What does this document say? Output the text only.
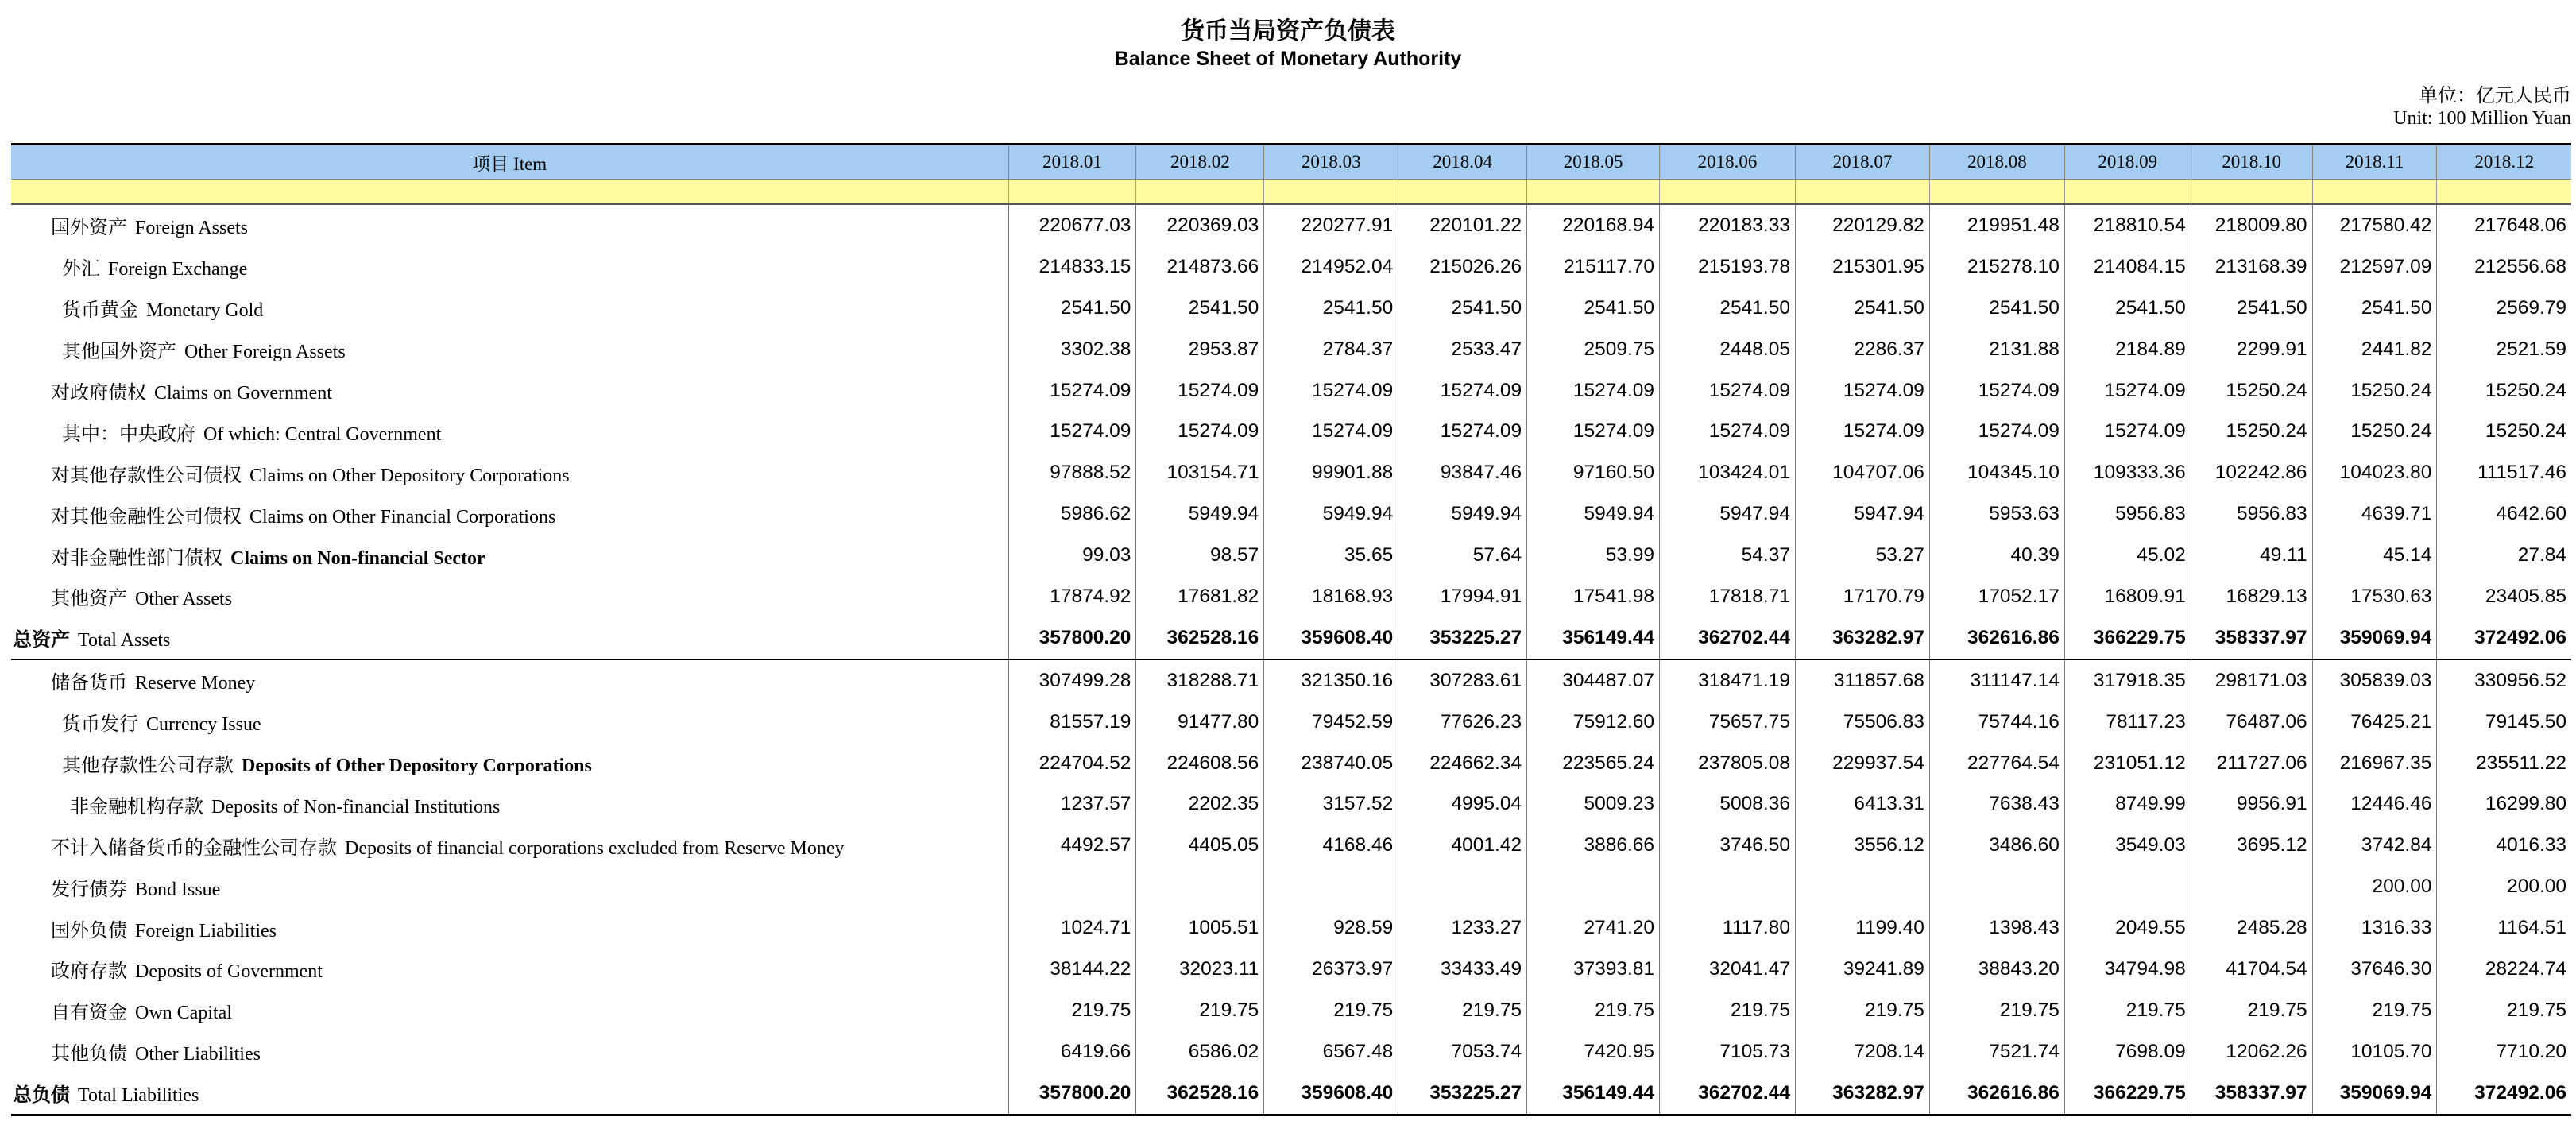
货币当局资产负债表
Balance Sheet of Monetary Authority
单位：亿元人民币
Unit: 100 Million Yuan
项目 Item	2018.01	2018.02	2018.03	2018.04	2018.05	2018.06	2018.07	2018.08	2018.09	2018.10	2018.11	2018.12

国外资产 Foreign Assets	220677.03	220369.03	220277.91	220101.22	220168.94	220183.33	220129.82	219951.48	218810.54	218009.80	217580.42	217648.06
外汇 Foreign Exchange	214833.15	214873.66	214952.04	215026.26	215117.70	215193.78	215301.95	215278.10	214084.15	213168.39	212597.09	212556.68
货币黄金 Monetary Gold	2541.50	2541.50	2541.50	2541.50	2541.50	2541.50	2541.50	2541.50	2541.50	2541.50	2541.50	2569.79
其他国外资产 Other Foreign Assets	3302.38	2953.87	2784.37	2533.47	2509.75	2448.05	2286.37	2131.88	2184.89	2299.91	2441.82	2521.59
对政府债权 Claims on Government	15274.09	15274.09	15274.09	15274.09	15274.09	15274.09	15274.09	15274.09	15274.09	15250.24	15250.24	15250.24
其中：中央政府 Of which: Central Government	15274.09	15274.09	15274.09	15274.09	15274.09	15274.09	15274.09	15274.09	15274.09	15250.24	15250.24	15250.24
对其他存款性公司债权 Claims on Other Depository Corporations	97888.52	103154.71	99901.88	93847.46	97160.50	103424.01	104707.06	104345.10	109333.36	102242.86	104023.80	111517.46
对其他金融性公司债权 Claims on Other Financial Corporations	5986.62	5949.94	5949.94	5949.94	5949.94	5947.94	5947.94	5953.63	5956.83	5956.83	4639.71	4642.60
对非金融性部门债权 Claims on Non-financial Sector	99.03	98.57	35.65	57.64	53.99	54.37	53.27	40.39	45.02	49.11	45.14	27.84
其他资产 Other Assets	17874.92	17681.82	18168.93	17994.91	17541.98	17818.71	17170.79	17052.17	16809.91	16829.13	17530.63	23405.85
总资产 Total Assets	357800.20	362528.16	359608.40	353225.27	356149.44	362702.44	363282.97	362616.86	366229.75	358337.97	359069.94	372492.06
储备货币 Reserve Money	307499.28	318288.71	321350.16	307283.61	304487.07	318471.19	311857.68	311147.14	317918.35	298171.03	305839.03	330956.52
货币发行 Currency Issue	81557.19	91477.80	79452.59	77626.23	75912.60	75657.75	75506.83	75744.16	78117.23	76487.06	76425.21	79145.50
其他存款性公司存款 Deposits of Other Depository Corporations	224704.52	224608.56	238740.05	224662.34	223565.24	237805.08	229937.54	227764.54	231051.12	211727.06	216967.35	235511.22
非金融机构存款 Deposits of Non-financial Institutions	1237.57	2202.35	3157.52	4995.04	5009.23	5008.36	6413.31	7638.43	8749.99	9956.91	12446.46	16299.80
不计入储备货币的金融性公司存款 Deposits of financial corporations excluded from Reserve Money	4492.57	4405.05	4168.46	4001.42	3886.66	3746.50	3556.12	3486.60	3549.03	3695.12	3742.84	4016.33
发行债券 Bond Issue											200.00	200.00
国外负债 Foreign Liabilities	1024.71	1005.51	928.59	1233.27	2741.20	1117.80	1199.40	1398.43	2049.55	2485.28	1316.33	1164.51
政府存款 Deposits of Government	38144.22	32023.11	26373.97	33433.49	37393.81	32041.47	39241.89	38843.20	34794.98	41704.54	37646.30	28224.74
自有资金 Own Capital	219.75	219.75	219.75	219.75	219.75	219.75	219.75	219.75	219.75	219.75	219.75	219.75
其他负债 Other Liabilities	6419.66	6586.02	6567.48	7053.74	7420.95	7105.73	7208.14	7521.74	7698.09	12062.26	10105.70	7710.20
总负债 Total Liabilities	357800.20	362528.16	359608.40	353225.27	356149.44	362702.44	363282.97	362616.86	366229.75	358337.97	359069.94	372492.06
